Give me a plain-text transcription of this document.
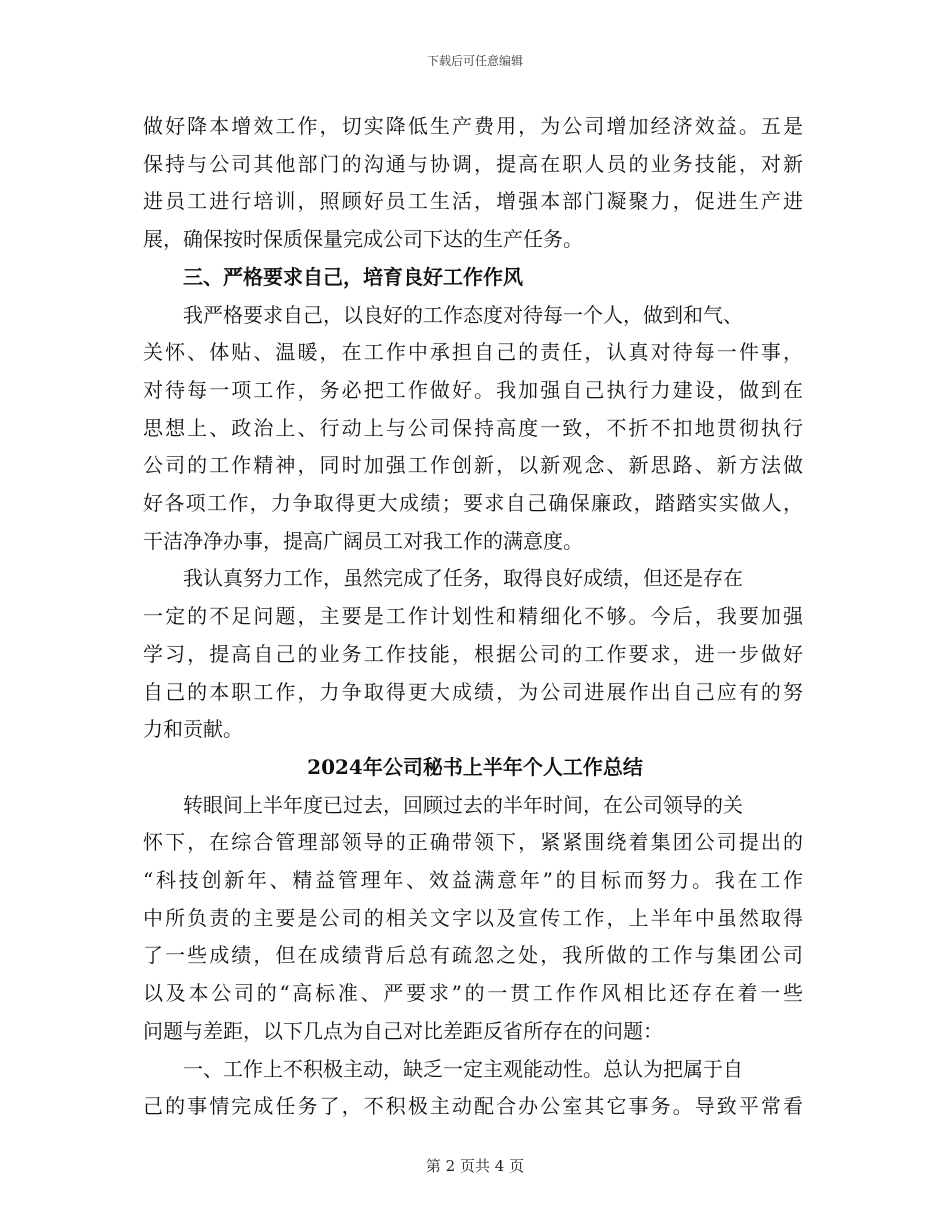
下载后可任意编辑
做好降本增效工作，切实降低生产费用，为公司增加经济效益。五是
保持与公司其他部门的沟通与协调，提高在职人员的业务技能，对新
进员工进行培训，照顾好员工生活，增强本部门凝聚力，促进生产进
展，确保按时保质保量完成公司下达的生产任务。
三、严格要求自己，培育良好工作作风
我严格要求自己，以良好的工作态度对待每一个人，做到和气、
关怀、体贴、温暖，在工作中承担自己的责任，认真对待每一件事，
对待每一项工作，务必把工作做好。我加强自己执行力建设，做到在
思想上、政治上、行动上与公司保持高度一致，不折不扣地贯彻执行
公司的工作精神，同时加强工作创新，以新观念、新思路、新方法做
好各项工作，力争取得更大成绩；要求自己确保廉政，踏踏实实做人，
干洁净净办事，提高广阔员工对我工作的满意度。
我认真努力工作，虽然完成了任务，取得良好成绩，但还是存在
一定的不足问题，主要是工作计划性和精细化不够。今后，我要加强
学习，提高自己的业务工作技能，根据公司的工作要求，进一步做好
自己的本职工作，力争取得更大成绩，为公司进展作出自己应有的努
力和贡献。
2024年公司秘书上半年个人工作总结
转眼间上半年度已过去，回顾过去的半年时间，在公司领导的关
怀下，在综合管理部领导的正确带领下，紧紧围绕着集团公司提出的
“科技创新年、精益管理年、效益满意年”的目标而努力。我在工作
中所负责的主要是公司的相关文字以及宣传工作，上半年中虽然取得
了一些成绩，但在成绩背后总有疏忽之处，我所做的工作与集团公司
以及本公司的“高标准、严要求”的一贯工作作风相比还存在着一些
问题与差距，以下几点为自己对比差距反省所存在的问题：
一、工作上不积极主动，缺乏一定主观能动性。总认为把属于自
己的事情完成任务了，不积极主动配合办公室其它事务。导致平常看
第 2 页共 4 页
